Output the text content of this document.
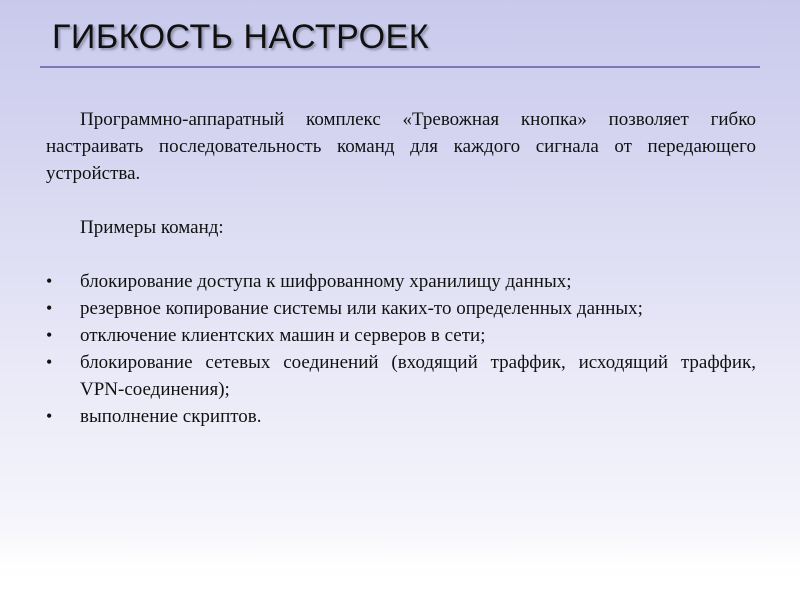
ГИБКОСТЬ НАСТРОЕК

Программно-аппаратный комплекс «Тревожная кнопка» позволяет гибко настраивать последовательность команд для каждого сигнала от передающего устройства.

Примеры команд:
•	блокирование доступа к шифрованному хранилищу данных;
•	резервное копирование системы или каких-то определенных данных;
•	отключение клиентских машин и серверов в сети;
•	блокирование сетевых соединений (входящий траффик, исходящий траффик, VPN-соединения);
•	выполнение скриптов.
